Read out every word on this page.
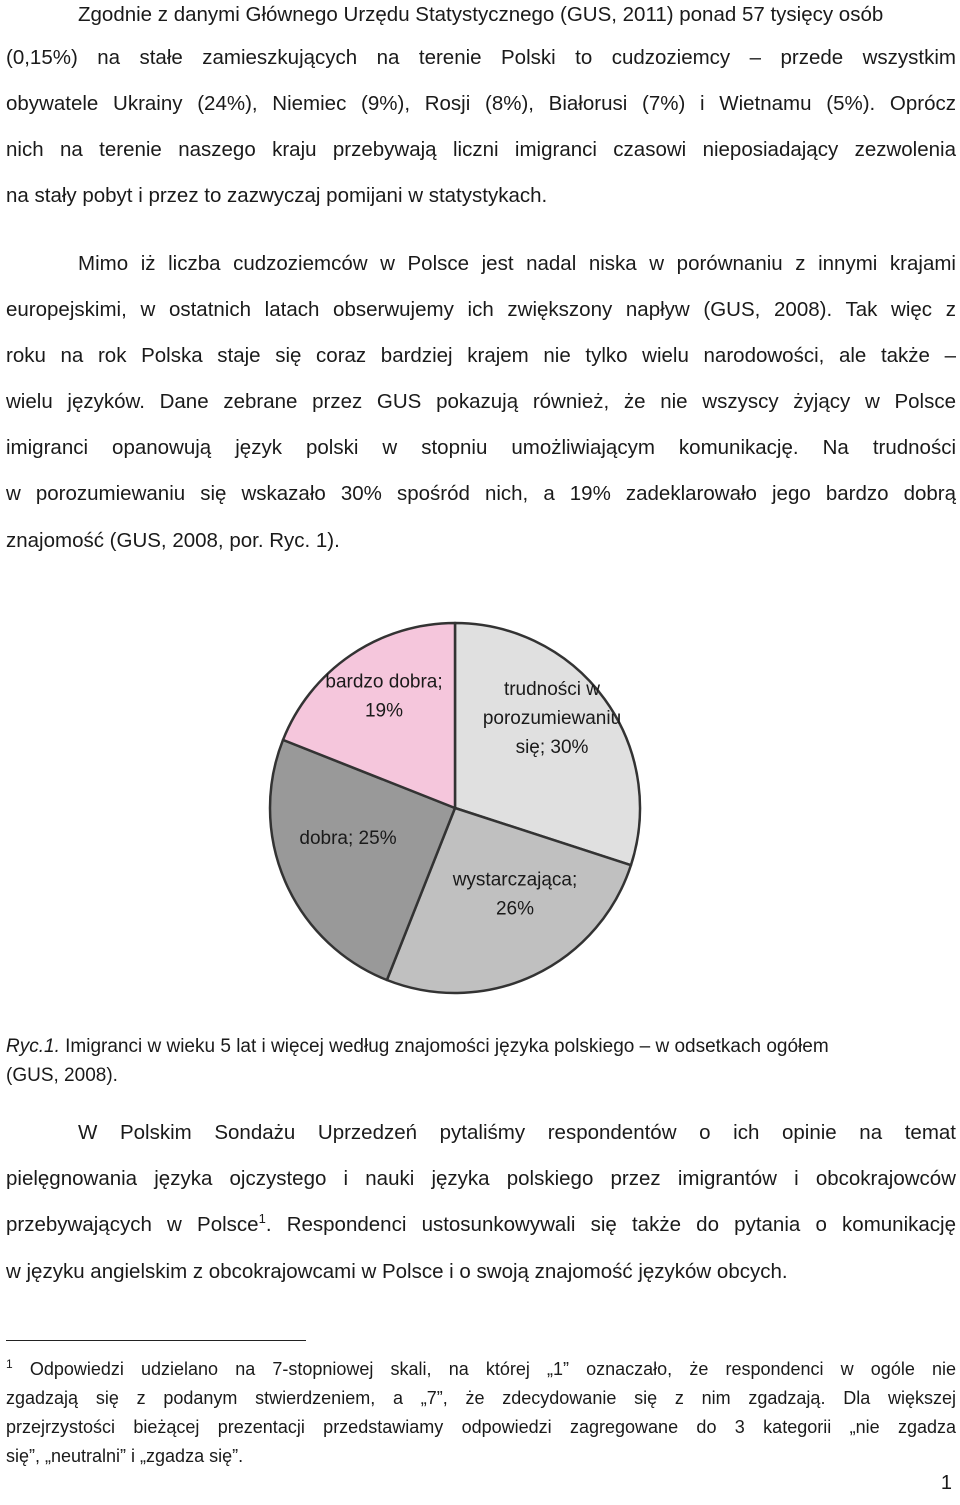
Zgodnie z danymi Głównego Urzędu Statystycznego (GUS, 2011) ponad 57 tysięcy osób
(0,15%) na stałe zamieszkujących na terenie Polski to cudzoziemcy – przede wszystkim
obywatele Ukrainy (24%), Niemiec (9%), Rosji (8%), Białorusi (7%) i Wietnamu (5%). Oprócz
nich na terenie naszego kraju przebywają liczni imigranci czasowi nieposiadający zezwolenia
na stały pobyt i przez to zazwyczaj pomijani w statystykach.
Mimo iż liczba cudzoziemców w Polsce jest nadal niska w porównaniu z innymi krajami
europejskimi, w ostatnich latach obserwujemy ich zwiększony napływ (GUS, 2008). Tak więc z
roku na rok Polska staje się coraz bardziej krajem nie tylko wielu narodowości, ale także –
wielu języków. Dane zebrane przez GUS pokazują również, że nie wszyscy żyjący w Polsce
imigranci opanowują język polski w stopniu umożliwiającym komunikację. Na trudności
w porozumiewaniu się wskazało 30% spośród nich, a 19% zadeklarowało jego bardzo dobrą
znajomość (GUS, 2008, por. Ryc. 1).
trudności w porozumiewaniu się; 30%
wystarczająca; 26%
dobra; 25%
bardzo dobra; 19%
Ryc.1. Imigranci w wieku 5 lat i więcej według znajomości języka polskiego – w odsetkach ogółem
(GUS, 2008).
W Polskim Sondażu Uprzedzeń pytaliśmy respondentów o ich opinie na temat
pielęgnowania języka ojczystego i nauki języka polskiego przez imigrantów i obcokrajowców
przebywających w Polsce$^1$. Respondenci ustosunkowywali się także do pytania o komunikację
w języku angielskim z obcokrajowcami w Polsce i o swoją znajomość języków obcych.
$^1$ Odpowiedzi udzielano na 7-stopniowej skali, na której „1” oznaczało, że respondenci w ogóle nie
zgadzają się z podanym stwierdzeniem, a „7”, że zdecydowanie się z nim zgadzają. Dla większej
przejrzystości bieżącej prezentacji przedstawiamy odpowiedzi zagregowane do 3 kategorii „nie zgadza
się”, „neutralni” i „zgadza się”.
1
